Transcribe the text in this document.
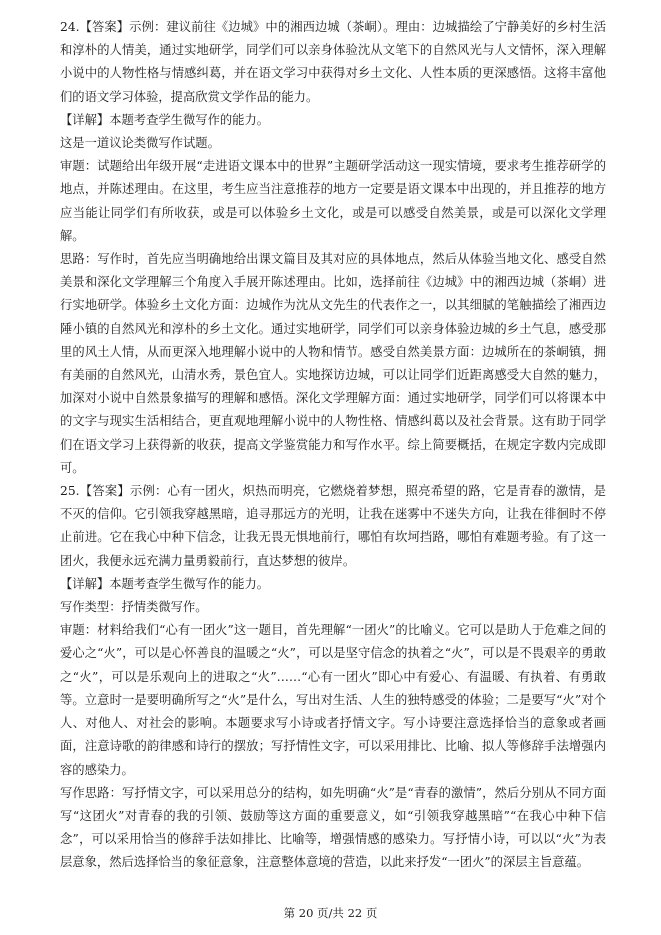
24.【答案】示例：建议前往《边城》中的湘西边城（茶峒）。理由：边城描绘了宁静美好的乡村生活和淳朴的人情美，通过实地研学，同学们可以亲身体验沈从文笔下的自然风光与人文情怀，深入理解小说中的人物性格与情感纠葛，并在语文学习中获得对乡土文化、人性本质的更深感悟。这将丰富他们的语文学习体验，提高欣赏文学作品的能力。

【详解】本题考查学生微写作的能力。

这是一道议论类微写作试题。

审题：试题给出年级开展“走进语文课本中的世界”主题研学活动这一现实情境，要求考生推荐研学的地点，并陈述理由。在这里，考生应当注意推荐的地方一定要是语文课本中出现的，并且推荐的地方应当能让同学们有所收获，或是可以体验乡土文化，或是可以感受自然美景，或是可以深化文学理解。

思路：写作时，首先应当明确地给出课文篇目及其对应的具体地点，然后从体验当地文化、感受自然美景和深化文学理解三个角度入手展开陈述理由。比如，选择前往《边城》中的湘西边城（茶峒）进行实地研学。体验乡土文化方面：边城作为沈从文先生的代表作之一，以其细腻的笔触描绘了湘西边陲小镇的自然风光和淳朴的乡土文化。通过实地研学，同学们可以亲身体验边城的乡土气息，感受那里的风土人情，从而更深入地理解小说中的人物和情节。感受自然美景方面：边城所在的茶峒镇，拥有美丽的自然风光，山清水秀，景色宜人。实地探访边城，可以让同学们近距离感受大自然的魅力，加深对小说中自然景象描写的理解和感悟。深化文学理解方面：通过实地研学，同学们可以将课本中的文字与现实生活相结合，更直观地理解小说中的人物性格、情感纠葛以及社会背景。这有助于同学们在语文学习上获得新的收获，提高文学鉴赏能力和写作水平。综上简要概括，在规定字数内完成即可。

25.【答案】示例：心有一团火，炽热而明亮，它燃烧着梦想，照亮希望的路，它是青春的激情，是不灭的信仰。它引领我穿越黑暗，追寻那远方的光明，让我在迷雾中不迷失方向，让我在徘徊时不停止前进。它在我心中种下信念，让我无畏无惧地前行，哪怕有坎坷挡路，哪怕有难题考验。有了这一团火，我便永远充满力量勇毅前行，直达梦想的彼岸。

【详解】本题考查学生微写作的能力。

写作类型：抒情类微写作。

审题：材料给我们“心有一团火”这一题目，首先理解“一团火”的比喻义。它可以是助人于危难之间的爱心之“火”，可以是心怀善良的温暖之“火”，可以是坚守信念的执着之“火”，可以是不畏艰辛的勇敢之“火”，可以是乐观向上的进取之“火”……“心有一团火”即心中有爱心、有温暖、有执着、有勇敢等。立意时一是要明确所写之“火”是什么，写出对生活、人生的独特感受的体验；二是要写“火”对个人、对他人、对社会的影响。本题要求写小诗或者抒情文字。写小诗要注意选择恰当的意象或者画面，注意诗歌的韵律感和诗行的摆放；写抒情性文字，可以采用排比、比喻、拟人等修辞手法增强内容的感染力。

写作思路：写抒情文字，可以采用总分的结构，如先明确“火”是“青春的激情”，然后分别从不同方面写“这团火”对青春的我的引领、鼓励等这方面的重要意义，如“引领我穿越黑暗”“在我心中种下信念”，可以采用恰当的修辞手法如排比、比喻等，增强情感的感染力。写抒情小诗，可以以“火”为表层意象，然后选择恰当的象征意象，注意整体意境的营造，以此来抒发“一团火”的深层主旨意蕴。

第 20 页/共 22 页
